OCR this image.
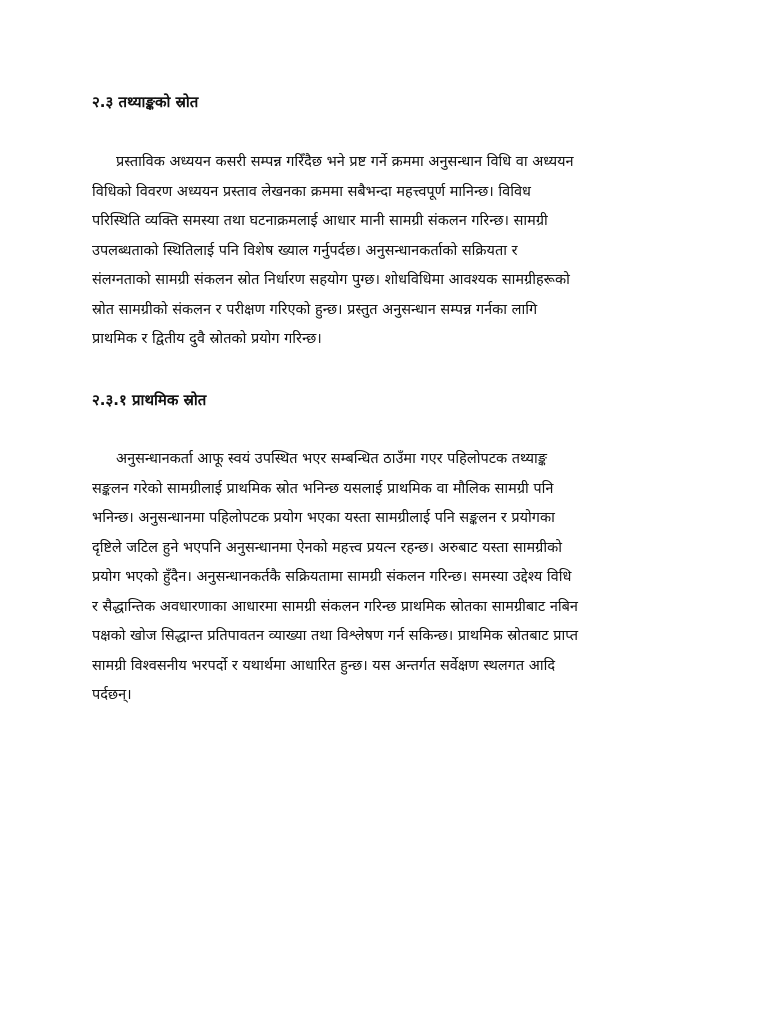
२.३ तथ्याङ्कको स्रोत
प्रस्ताविक अध्ययन कसरी सम्पन्न गरिँदैछ भने प्रष्ट गर्ने क्रममा अनुसन्धान विधि वा अध्ययन
विधिको विवरण अध्ययन प्रस्ताव लेखनका क्रममा सबैभन्दा महत्त्वपूर्ण मानिन्छ। विविध
परिस्थिति व्यक्ति समस्या तथा घटनाक्रमलाई आधार मानी सामग्री संकलन गरिन्छ। सामग्री
उपलब्धताको स्थितिलाई पनि विशेष ख्याल गर्नुपर्दछ। अनुसन्धानकर्ताको सक्रियता र
संलग्नताको सामग्री संकलन स्रोत निर्धारण सहयोग पुग्छ। शोधविधिमा आवश्यक सामग्रीहरूको
स्रोत सामग्रीको संकलन र परीक्षण गरिएको हुन्छ। प्रस्तुत अनुसन्धान सम्पन्न गर्नका लागि
प्राथमिक र द्वितीय दुवै स्रोतको प्रयोग गरिन्छ।
२.३.१ प्राथमिक स्रोत
अनुसन्धानकर्ता आफू स्वयं उपस्थित भएर सम्बन्धित ठाउँमा गएर पहिलोपटक तथ्याङ्क
सङ्कलन गरेको सामग्रीलाई प्राथमिक स्रोत भनिन्छ यसलाई प्राथमिक वा मौलिक सामग्री पनि
भनिन्छ। अनुसन्धानमा पहिलोपटक प्रयोग भएका यस्ता सामग्रीलाई पनि सङ्कलन र प्रयोगका
दृष्टिले जटिल हुने भएपनि अनुसन्धानमा ऐनको महत्त्व प्रयत्न रहन्छ। अरुबाट यस्ता सामग्रीको
प्रयोग भएको हुँदैन। अनुसन्धानकर्तकै सक्रियतामा सामग्री संकलन गरिन्छ। समस्या उद्देश्य विधि
र सैद्धान्तिक अवधारणाका आधारमा सामग्री संकलन गरिन्छ प्राथमिक स्रोतका सामग्रीबाट नबिन
पक्षको खोज सिद्धान्त प्रतिपावतन व्याख्या तथा विश्लेषण गर्न सकिन्छ। प्राथमिक स्रोतबाट प्राप्त
सामग्री विश्वसनीय भरपर्दो र यथार्थमा आधारित हुन्छ। यस अन्तर्गत सर्वेक्षण स्थलगत आदि
पर्दछन्।
